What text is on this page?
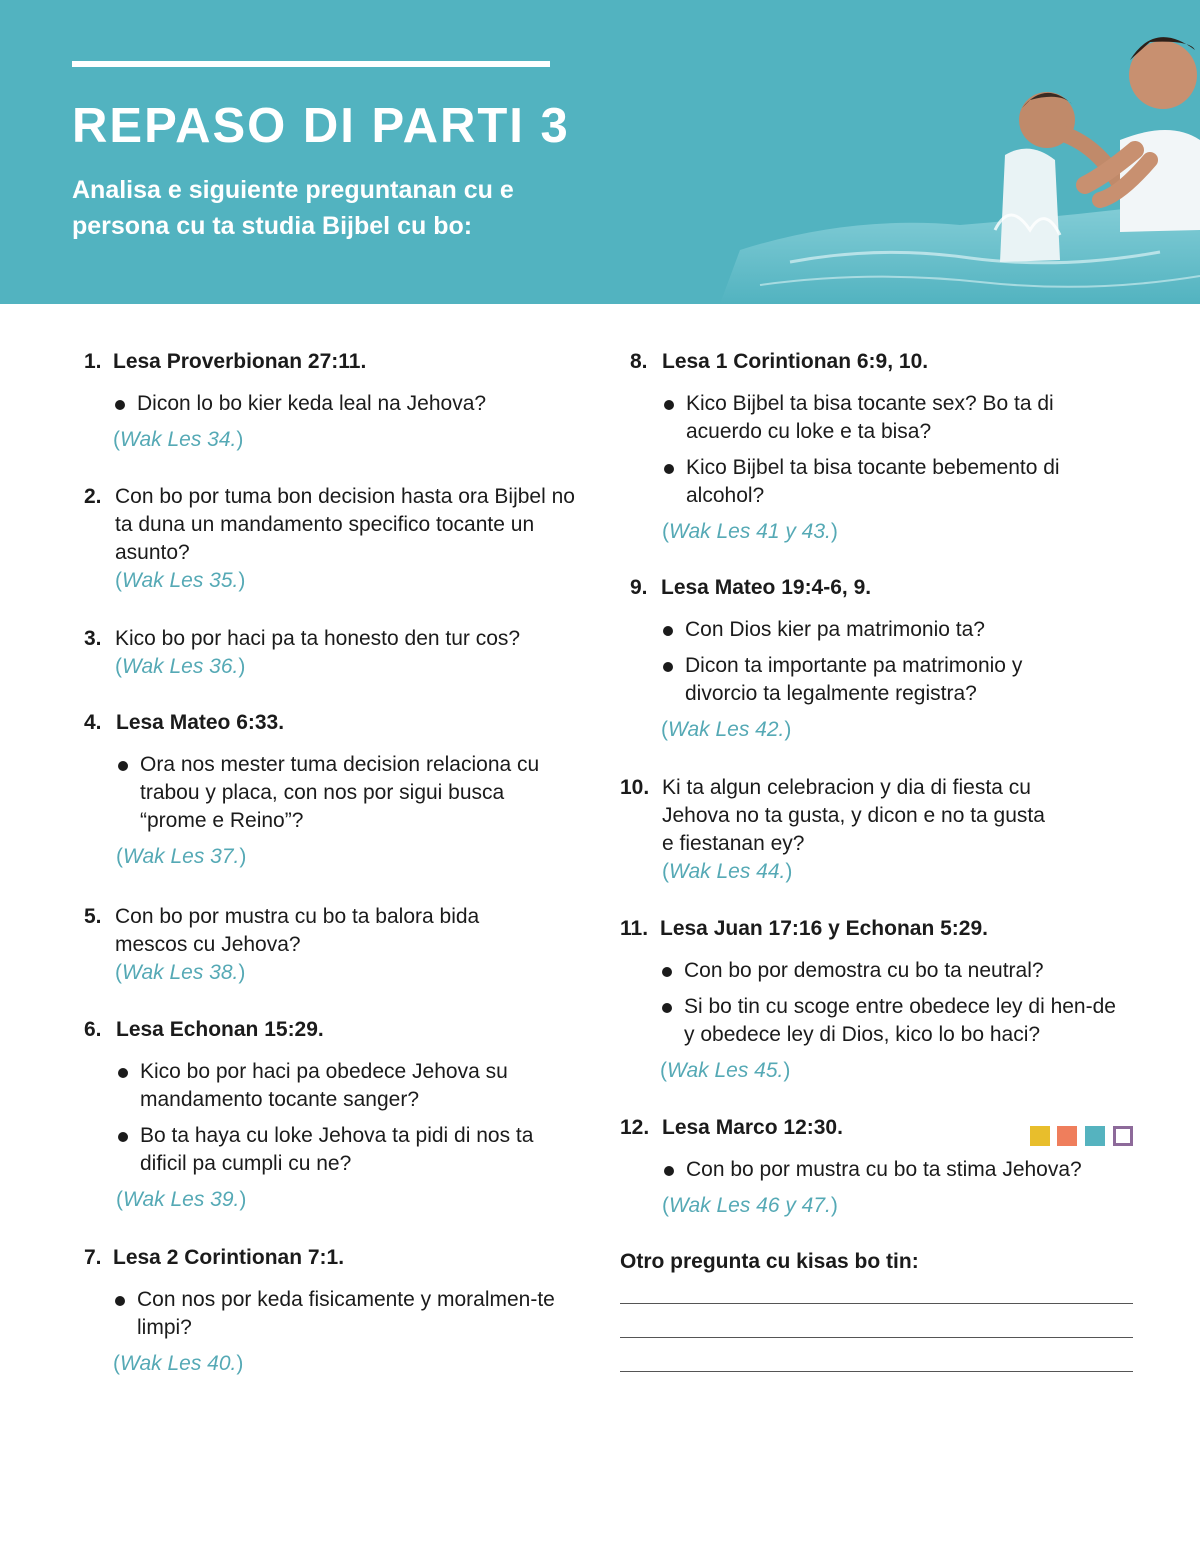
REPASO DI PARTI 3
Analisa e siguiente preguntanan cu e persona cu ta studia Bijbel cu bo:
1. Lesa Proverbionan 27:11.
Dicon lo bo kier keda leal na Jehova?
(Wak Les 34.)
2. Con bo por tuma bon decision hasta ora Bijbel no ta duna un mandamento specifico tocante un asunto?
(Wak Les 35.)
3. Kico bo por haci pa ta honesto den tur cos?
(Wak Les 36.)
4. Lesa Mateo 6:33.
Ora nos mester tuma decision relaciona cu trabou y placa, con nos por sigui busca “prome e Reino”?
(Wak Les 37.)
5. Con bo por mustra cu bo ta balora bida mescos cu Jehova?
(Wak Les 38.)
6. Lesa Echonan 15:29.
Kico bo por haci pa obedece Jehova su mandamento tocante sanger?
Bo ta haya cu loke Jehova ta pidi di nos ta dificil pa cumpli cu ne?
(Wak Les 39.)
7. Lesa 2 Corintionan 7:1.
Con nos por keda fisicamente y moralmen-te limpi?
(Wak Les 40.)
8. Lesa 1 Corintionan 6:9, 10.
Kico Bijbel ta bisa tocante sex? Bo ta di acuerdo cu loke e ta bisa?
Kico Bijbel ta bisa tocante bebemento di alcohol?
(Wak Les 41 y 43.)
9. Lesa Mateo 19:4-6, 9.
Con Dios kier pa matrimonio ta?
Dicon ta importante pa matrimonio y divorcio ta legalmente registra?
(Wak Les 42.)
10. Ki ta algun celebracion y dia di fiesta cu Jehova no ta gusta, y dicon e no ta gusta e fiestanan ey?
(Wak Les 44.)
11. Lesa Juan 17:16 y Echonan 5:29.
Con bo por demostra cu bo ta neutral?
Si bo tin cu scoge entre obedece ley di hen-de y obedece ley di Dios, kico lo bo haci?
(Wak Les 45.)
12. Lesa Marco 12:30.
Con bo por mustra cu bo ta stima Jehova?
(Wak Les 46 y 47.)
Otro pregunta cu kisas bo tin:
